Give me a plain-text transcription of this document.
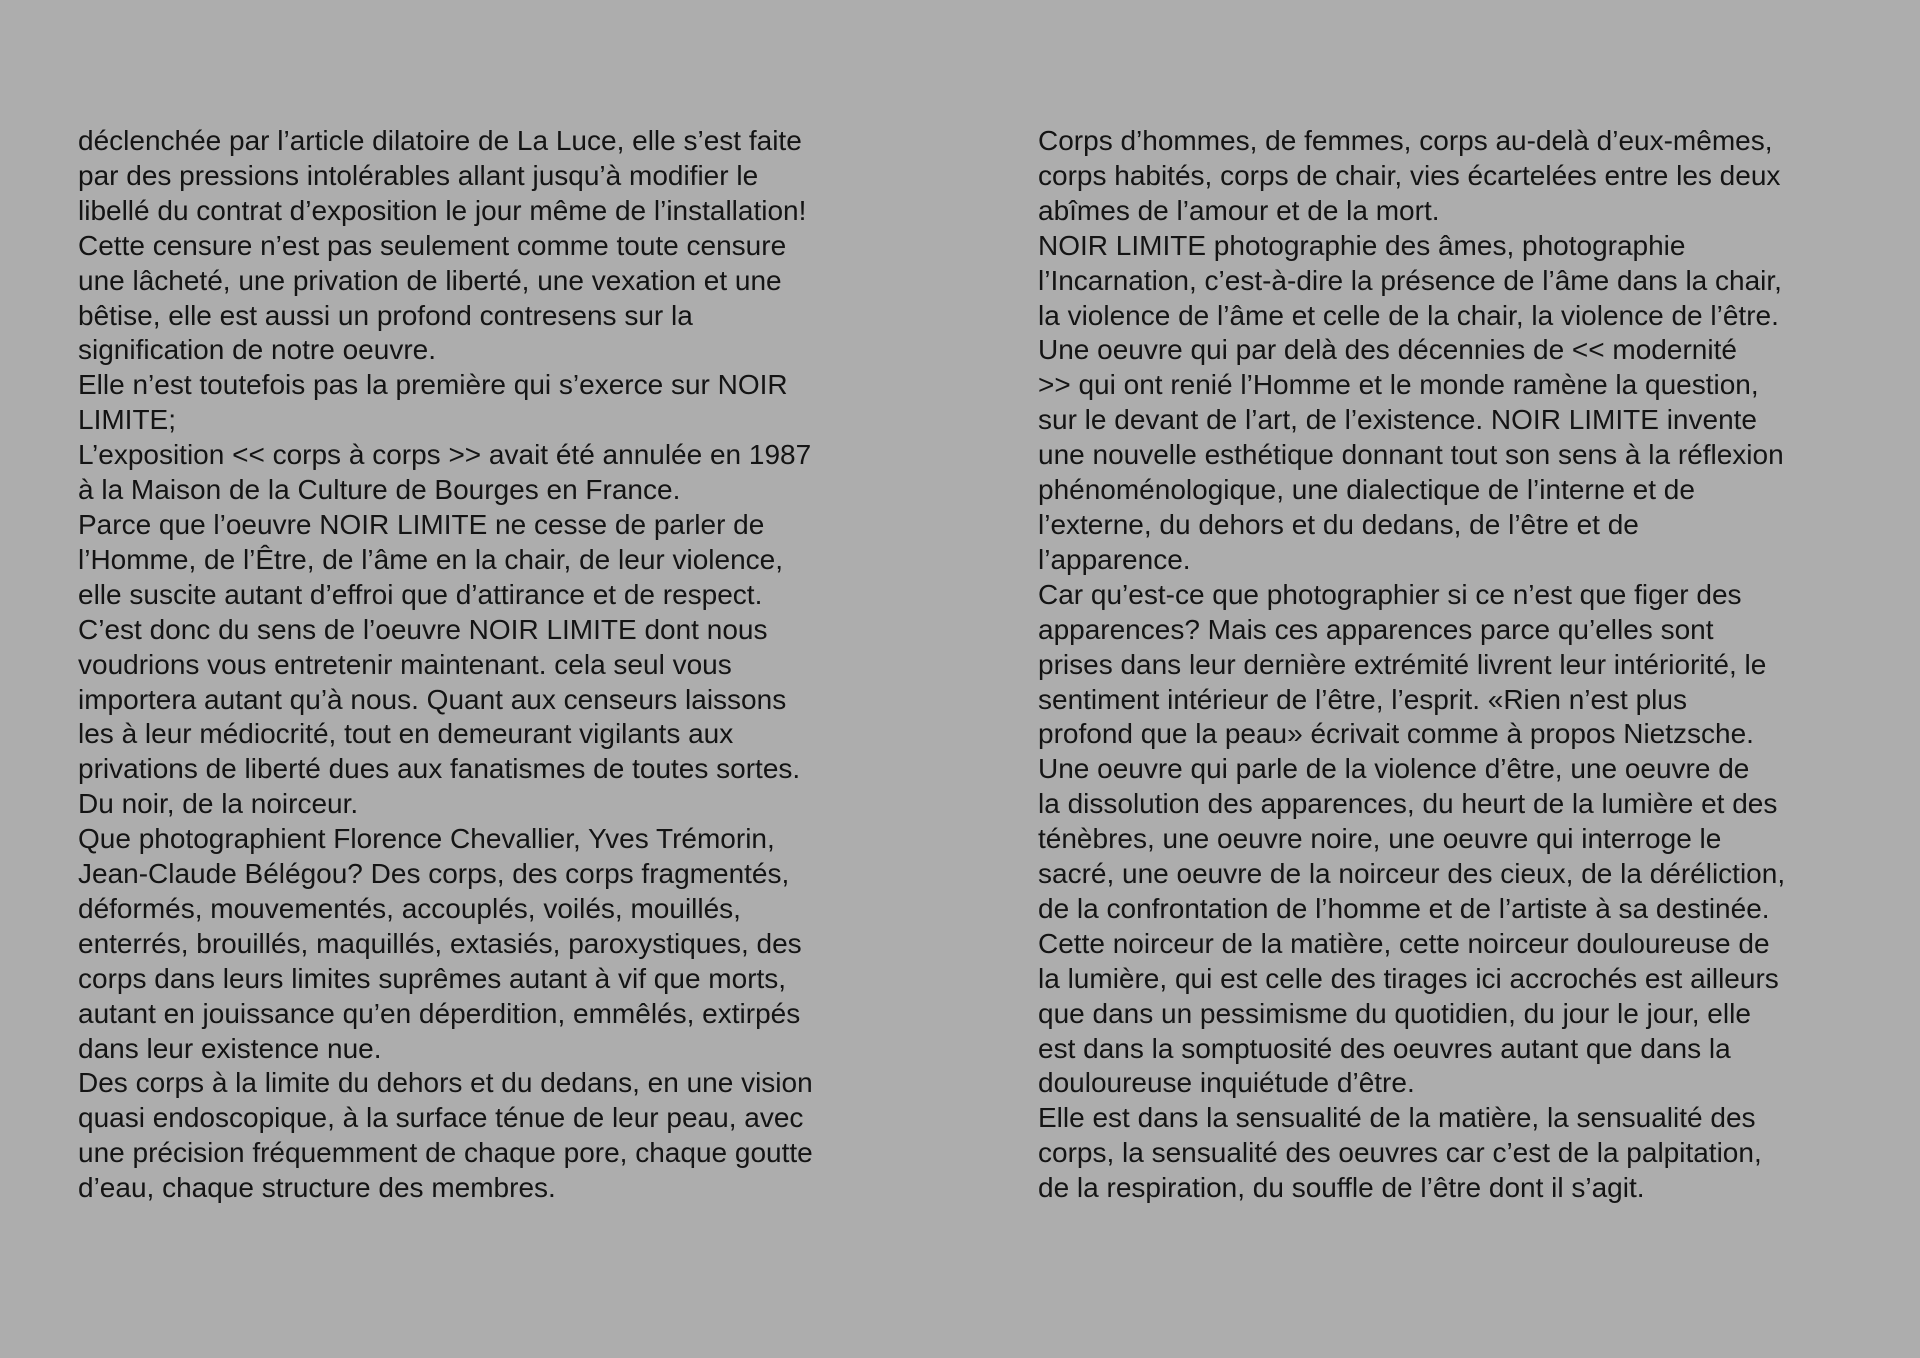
déclenchée par l’article dilatoire de La Luce, elle s’est faite
par des pressions intolérables allant jusqu’à modifier le
libellé du contrat d’exposition le jour même de l’installation!
Cette censure n’est pas seulement comme toute censure
une lâcheté, une privation de liberté, une vexation et une
bêtise, elle est aussi un profond contresens sur la
signification de notre oeuvre.
Elle n’est toutefois pas la première qui s’exerce sur NOIR
LIMITE;
L’exposition << corps à corps >> avait été annulée en 1987
à la Maison de la Culture de Bourges en France.
Parce que l’oeuvre NOIR LIMITE ne cesse de parler de
l’Homme, de l’Être, de l’âme en la chair, de leur violence,
elle suscite autant d’effroi que d’attirance et de respect.
C’est donc du sens de l’oeuvre NOIR LIMITE dont nous
voudrions vous entretenir maintenant. cela seul vous
importera autant qu’à nous. Quant aux censeurs laissons
les à leur médiocrité, tout en demeurant vigilants aux
privations de liberté dues aux fanatismes de toutes sortes.
Du noir, de la noirceur.
Que photographient Florence Chevallier, Yves Trémorin,
Jean-Claude Bélégou? Des corps, des corps fragmentés,
déformés, mouvementés, accouplés, voilés, mouillés,
enterrés, brouillés, maquillés, extasiés, paroxystiques, des
corps dans leurs limites suprêmes autant à vif que morts,
autant en jouissance qu’en déperdition, emmêlés, extirpés
dans leur existence nue.
Des corps à la limite du dehors et du dedans, en une vision
quasi endoscopique, à la surface ténue de leur peau, avec
une précision fréquemment de chaque pore, chaque goutte
d’eau, chaque structure des membres.

Corps d’hommes, de femmes, corps au-delà d’eux-mêmes,
corps habités, corps de chair, vies écartelées entre les deux
abîmes de l’amour et de la mort.
NOIR LIMITE photographie des âmes, photographie
l’Incarnation, c’est-à-dire la présence de l’âme dans la chair,
la violence de l’âme et celle de la chair, la violence de l’être.
Une oeuvre qui par delà des décennies de << modernité
>> qui ont renié l’Homme et le monde ramène la question,
sur le devant de l’art, de l’existence. NOIR LIMITE invente
une nouvelle esthétique donnant tout son sens à la réflexion
phénoménologique, une dialectique de l’interne et de
l’externe, du dehors et du dedans, de l’être et de
l’apparence.
Car qu’est-ce que photographier si ce n’est que figer des
apparences? Mais ces apparences parce qu’elles sont
prises dans leur dernière extrémité livrent leur intériorité, le
sentiment intérieur de l’être, l’esprit. «Rien n’est plus
profond que la peau» écrivait comme à propos Nietzsche.
Une oeuvre qui parle de la violence d’être, une oeuvre de
la dissolution des apparences, du heurt de la lumière et des
ténèbres, une oeuvre noire, une oeuvre qui interroge le
sacré, une oeuvre de la noirceur des cieux, de la déréliction,
de la confrontation de l’homme et de l’artiste à sa destinée.
Cette noirceur de la matière, cette noirceur douloureuse de
la lumière, qui est celle des tirages ici accrochés est ailleurs
que dans un pessimisme du quotidien, du jour le jour, elle
est dans la somptuosité des oeuvres autant que dans la
douloureuse inquiétude d’être.
Elle est dans la sensualité de la matière, la sensualité des
corps, la sensualité des oeuvres car c’est de la palpitation,
de la respiration, du souffle de l’être dont il s’agit.
